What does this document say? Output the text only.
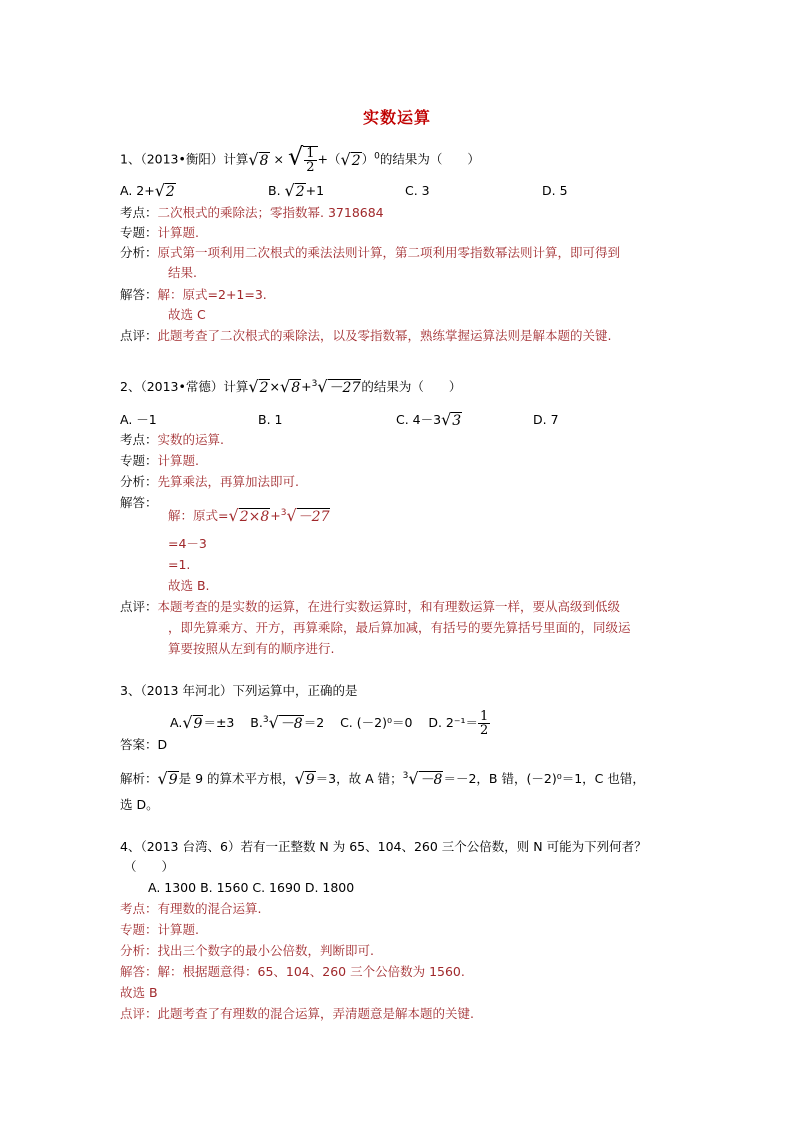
实数运算
1、（2013•衡阳）计算√8 × √ $\frac{1}{2} +(√2)^0$的结果为（　　）
A. 2+√2	B. √2+1	C. 3	D. 5
考点：二次根式的乘除法；零指数幂. 3718684
专题：计算题.
分析：原式第一项利用二次根式的乘法法则计算，第二项利用零指数幂法则计算，即可得到
结果.
解答：解：原式=2+1=3.
故选 C
点评：此题考查了二次根式的乘除法，以及零指数幂，熟练掌握运算法则是解本题的关键.
2、（2013•常德）计算√2×√8+$^3$√－27的结果为（　　）
A. －1	B. 1	C. 4－3√3	D. 7
考点：实数的运算.
专题：计算题.
分析：先算乘法，再算加法即可.
解答：
解：原式=√2×8+$^3$√－27
=4－3
=1.
故选 B.
点评：本题考查的是实数的运算，在进行实数运算时，和有理数运算一样，要从高级到低级
，即先算乘方、开方，再算乘除，最后算加减，有括号的要先算括号里面的，同级运
算要按照从左到有的顺序进行.
3、（2013 年河北）下列运算中，正确的是
A.√9＝±3 B.$^3$√－8＝2 C. (－2)⁰＝0 D. $2^{-1}= \frac{1}{2}$
答案：D
解析：√9是 9 的算术平方根，√9＝3，故 A 错；$^3$√－8＝－2，B 错，(－2)⁰＝1，C 也错，
选 D。
4、（2013 台湾、6）若有一正整数 N 为 65、104、260 三个公倍数，则 N 可能为下列何者？
（　　）
A. 1300 B. 1560 C. 1690 D. 1800
考点：有理数的混合运算.
专题：计算题.
分析：找出三个数字的最小公倍数，判断即可.
解答：解：根据题意得：65、104、260 三个公倍数为 1560.
故选 B
点评：此题考查了有理数的混合运算，弄清题意是解本题的关键.
